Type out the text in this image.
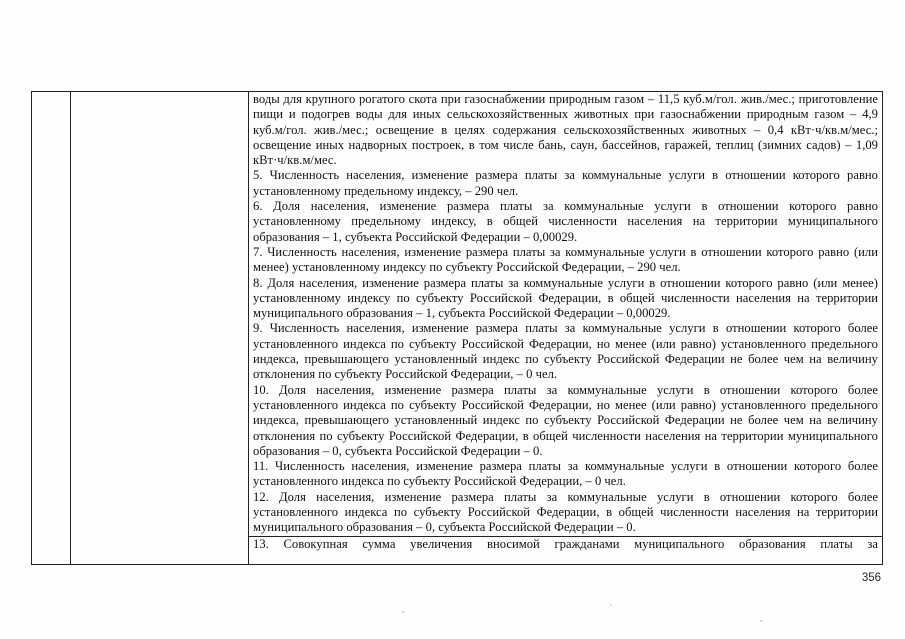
воды для крупного рогатого скота при газоснабжении природным газом – 11,5 куб.м/гол. жив./мес.; приготовление пищи и подогрев воды для иных сельскохозяйственных животных при газоснабжении природным газом – 4,9 куб.м/гол. жив./мес.; освещение в целях содержания сельскохозяйственных животных – 0,4 кВт·ч/кв.м/мес.; освещение иных надворных построек, в том числе бань, саун, бассейнов, гаражей, теплиц (зимних садов) – 1,09 кВт·ч/кв.м/мес.

5. Численность населения, изменение размера платы за коммунальные услуги в отношении которого равно установленному предельному индексу, – 290 чел.

6. Доля населения, изменение размера платы за коммунальные услуги в отношении которого равно установленному предельному индексу, в общей численности населения на территории муниципального образования – 1, субъекта Российской Федерации – 0,00029.

7. Численность населения, изменение размера платы за коммунальные услуги в отношении которого равно (или менее) установленному индексу по субъекту Российской Федерации, – 290 чел.

8. Доля населения, изменение размера платы за коммунальные услуги в отношении которого равно (или менее) установленному индексу по субъекту Российской Федерации, в общей численности населения на территории муниципального образования – 1, субъекта Российской Федерации – 0,00029.

9. Численность населения, изменение размера платы за коммунальные услуги в отношении которого более установленного индекса по субъекту Российской Федерации, но менее (или равно) установленного предельного индекса, превышающего установленный индекс по субъекту Российской Федерации не более чем на величину отклонения по субъекту Российской Федерации, – 0 чел.

10. Доля населения, изменение размера платы за коммунальные услуги в отношении которого более установленного индекса по субъекту Российской Федерации, но менее (или равно) установленного предельного индекса, превышающего установленный индекс по субъекту Российской Федерации не более чем на величину отклонения по субъекту Российской Федерации, в общей численности населения на территории муниципального образования – 0, субъекта Российской Федерации – 0.

11. Численность населения, изменение размера платы за коммунальные услуги в отношении которого более установленного индекса по субъекту Российской Федерации, – 0 чел.

12. Доля населения, изменение размера платы за коммунальные услуги в отношении которого более установленного индекса по субъекту Российской Федерации, в общей численности населения на территории муниципального образования – 0, субъекта Российской Федерации – 0.

13. Совокупная сумма увеличения вносимой гражданами муниципального образования платы за

356
